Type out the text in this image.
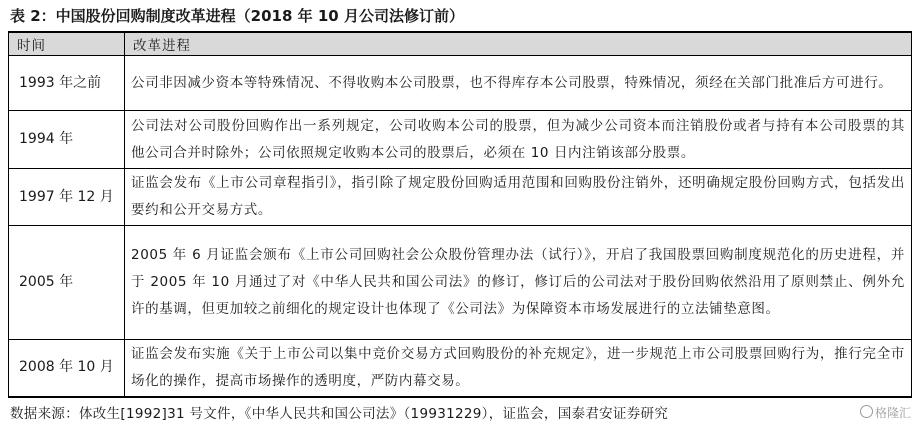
表 2：中国股份回购制度改革进程（2018 年 10 月公司法修订前）
时间	改革进程
1993 年之前	公司非因减少资本等特殊情况、不得收购本公司股票，也不得库存本公司股票，特殊情况，须经在关部门批准后方可进行。
1994 年	公司法对公司股份回购作出一系列规定，公司收购本公司的股票，但为减少公司资本而注销股份或者与持有本公司股票的其他公司合并时除外；公司依照规定收购本公司的股票后，必须在 10 日内注销该部分股票。
1997 年 12 月	证监会发布《上市公司章程指引》，指引除了规定股份回购适用范围和回购股份注销外，还明确规定股份回购方式，包括发出要约和公开交易方式。
2005 年	2005 年 6 月证监会颁布《上市公司回购社会公众股份管理办法（试行）》，开启了我国股票回购制度规范化的历史进程，并于 2005 年 10 月通过了对《中华人民共和国公司法》的修订，修订后的公司法对于股份回购依然沿用了原则禁止、例外允许的基调，但更加较之前细化的规定设计也体现了《公司法》为保障资本市场发展进行的立法铺垫意图。
2008 年 10 月	证监会发布实施《关于上市公司以集中竞价交易方式回购股份的补充规定》，进一步规范上市公司股票回购行为，推行完全市场化的操作，提高市场操作的透明度，严防内幕交易。
数据来源：体改生[1992]31 号文件，《中华人民共和国公司法》（19931229），证监会，国泰君安证券研究	格隆汇
